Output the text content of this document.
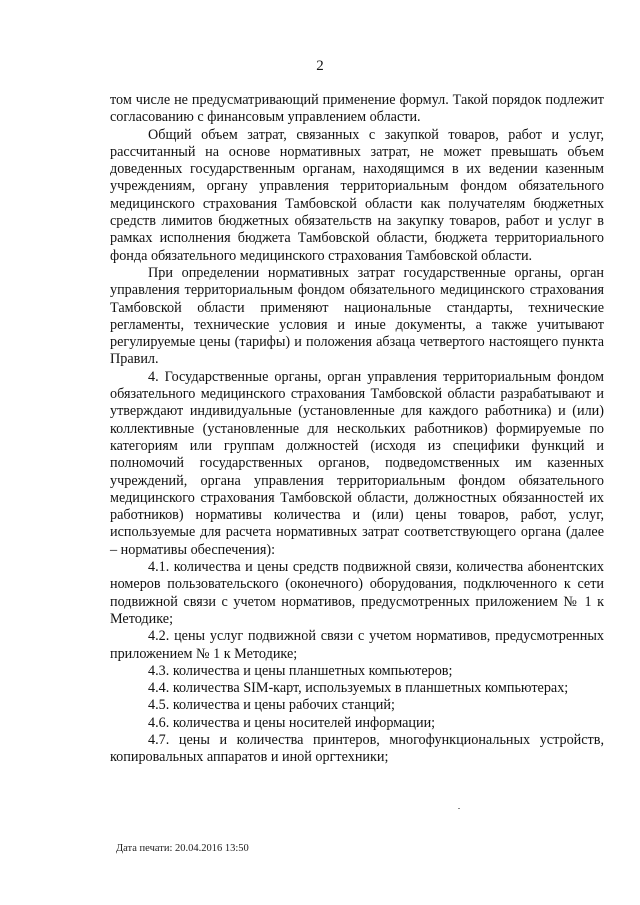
2

том числе не предусматривающий применение формул. Такой порядок подлежит согласованию с финансовым управлением области.

Общий объем затрат, связанных с закупкой товаров, работ и услуг, рассчитанный на основе нормативных затрат, не может превышать объем доведенных государственным органам, находящимся в их ведении казенным учреждениям, органу управления территориальным фондом обязательного медицинского страхования Тамбовской области как получателям бюджетных средств лимитов бюджетных обязательств на закупку товаров, работ и услуг в рамках исполнения бюджета Тамбовской области, бюджета территориального фонда обязательного медицинского страхования Тамбовской области.

При определении нормативных затрат государственные органы, орган управления территориальным фондом обязательного медицинского страхования Тамбовской области применяют национальные стандарты, технические регламенты, технические условия и иные документы, а также учитывают регулируемые цены (тарифы) и положения абзаца четвертого настоящего пункта Правил.

4. Государственные органы, орган управления территориальным фондом обязательного медицинского страхования Тамбовской области разрабатывают и утверждают индивидуальные (установленные для каждого работника) и (или) коллективные (установленные для нескольких работников) формируемые по категориям или группам должностей (исходя из специфики функций и полномочий государственных органов, подведомственных им казенных учреждений, органа управления территориальным фондом обязательного медицинского страхования Тамбовской области, должностных обязанностей их работников) нормативы количества и (или) цены товаров, работ, услуг, используемые для расчета нормативных затрат соответствующего органа (далее – нормативы обеспечения):

4.1. количества и цены средств подвижной связи, количества абонентских номеров пользовательского (оконечного) оборудования, подключенного к сети подвижной связи с учетом нормативов, предусмотренных приложением № 1 к Методике;

4.2. цены услуг подвижной связи с учетом нормативов, предусмотренных приложением № 1 к Методике;

4.3. количества и цены планшетных компьютеров;

4.4. количества SIM-карт, используемых в планшетных компьютерах;

4.5. количества и цены рабочих станций;

4.6. количества и цены носителей информации;

4.7. цены и количества принтеров, многофункциональных устройств, копировальных аппаратов и иной оргтехники;

Дата печати: 20.04.2016 13:50
